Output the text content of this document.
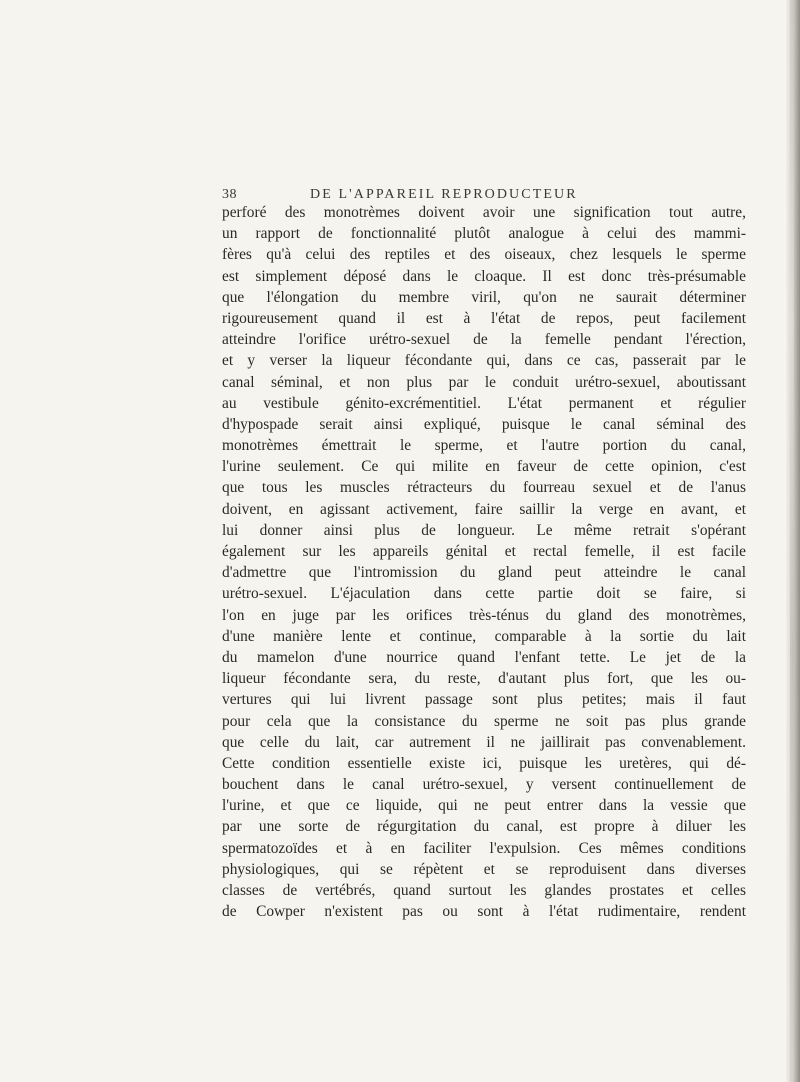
38	DE L'APPAREIL REPRODUCTEUR
perforé des monotrèmes doivent avoir une signification tout autre,
un rapport de fonctionnalité plutôt analogue à celui des mammi-
fères qu'à celui des reptiles et des oiseaux, chez lesquels le sperme
est simplement déposé dans le cloaque. Il est donc très-présumable
que l'élongation du membre viril, qu'on ne saurait déterminer
rigoureusement quand il est à l'état de repos, peut facilement
atteindre l'orifice urétro-sexuel de la femelle pendant l'érection,
et y verser la liqueur fécondante qui, dans ce cas, passerait par le
canal séminal, et non plus par le conduit urétro-sexuel, aboutissant
au vestibule génito-excrémentitiel. L'état permanent et régulier
d'hypospade serait ainsi expliqué, puisque le canal séminal des
monotrèmes émettrait le sperme, et l'autre portion du canal,
l'urine seulement. Ce qui milite en faveur de cette opinion, c'est
que tous les muscles rétracteurs du fourreau sexuel et de l'anus
doivent, en agissant activement, faire saillir la verge en avant, et
lui donner ainsi plus de longueur. Le même retrait s'opérant
également sur les appareils génital et rectal femelle, il est facile
d'admettre que l'intromission du gland peut atteindre le canal
urétro-sexuel. L'éjaculation dans cette partie doit se faire, si
l'on en juge par les orifices très-ténus du gland des monotrèmes,
d'une manière lente et continue, comparable à la sortie du lait
du mamelon d'une nourrice quand l'enfant tette. Le jet de la
liqueur fécondante sera, du reste, d'autant plus fort, que les ou-
vertures qui lui livrent passage sont plus petites; mais il faut
pour cela que la consistance du sperme ne soit pas plus grande
que celle du lait, car autrement il ne jaillirait pas convenablement.
Cette condition essentielle existe ici, puisque les uretères, qui dé-
bouchent dans le canal urétro-sexuel, y versent continuellement de
l'urine, et que ce liquide, qui ne peut entrer dans la vessie que
par une sorte de régurgitation du canal, est propre à diluer les
spermatozoïdes et à en faciliter l'expulsion. Ces mêmes conditions
physiologiques, qui se répètent et se reproduisent dans diverses
classes de vertébrés, quand surtout les glandes prostates et celles
de Cowper n'existent pas ou sont à l'état rudimentaire, rendent
